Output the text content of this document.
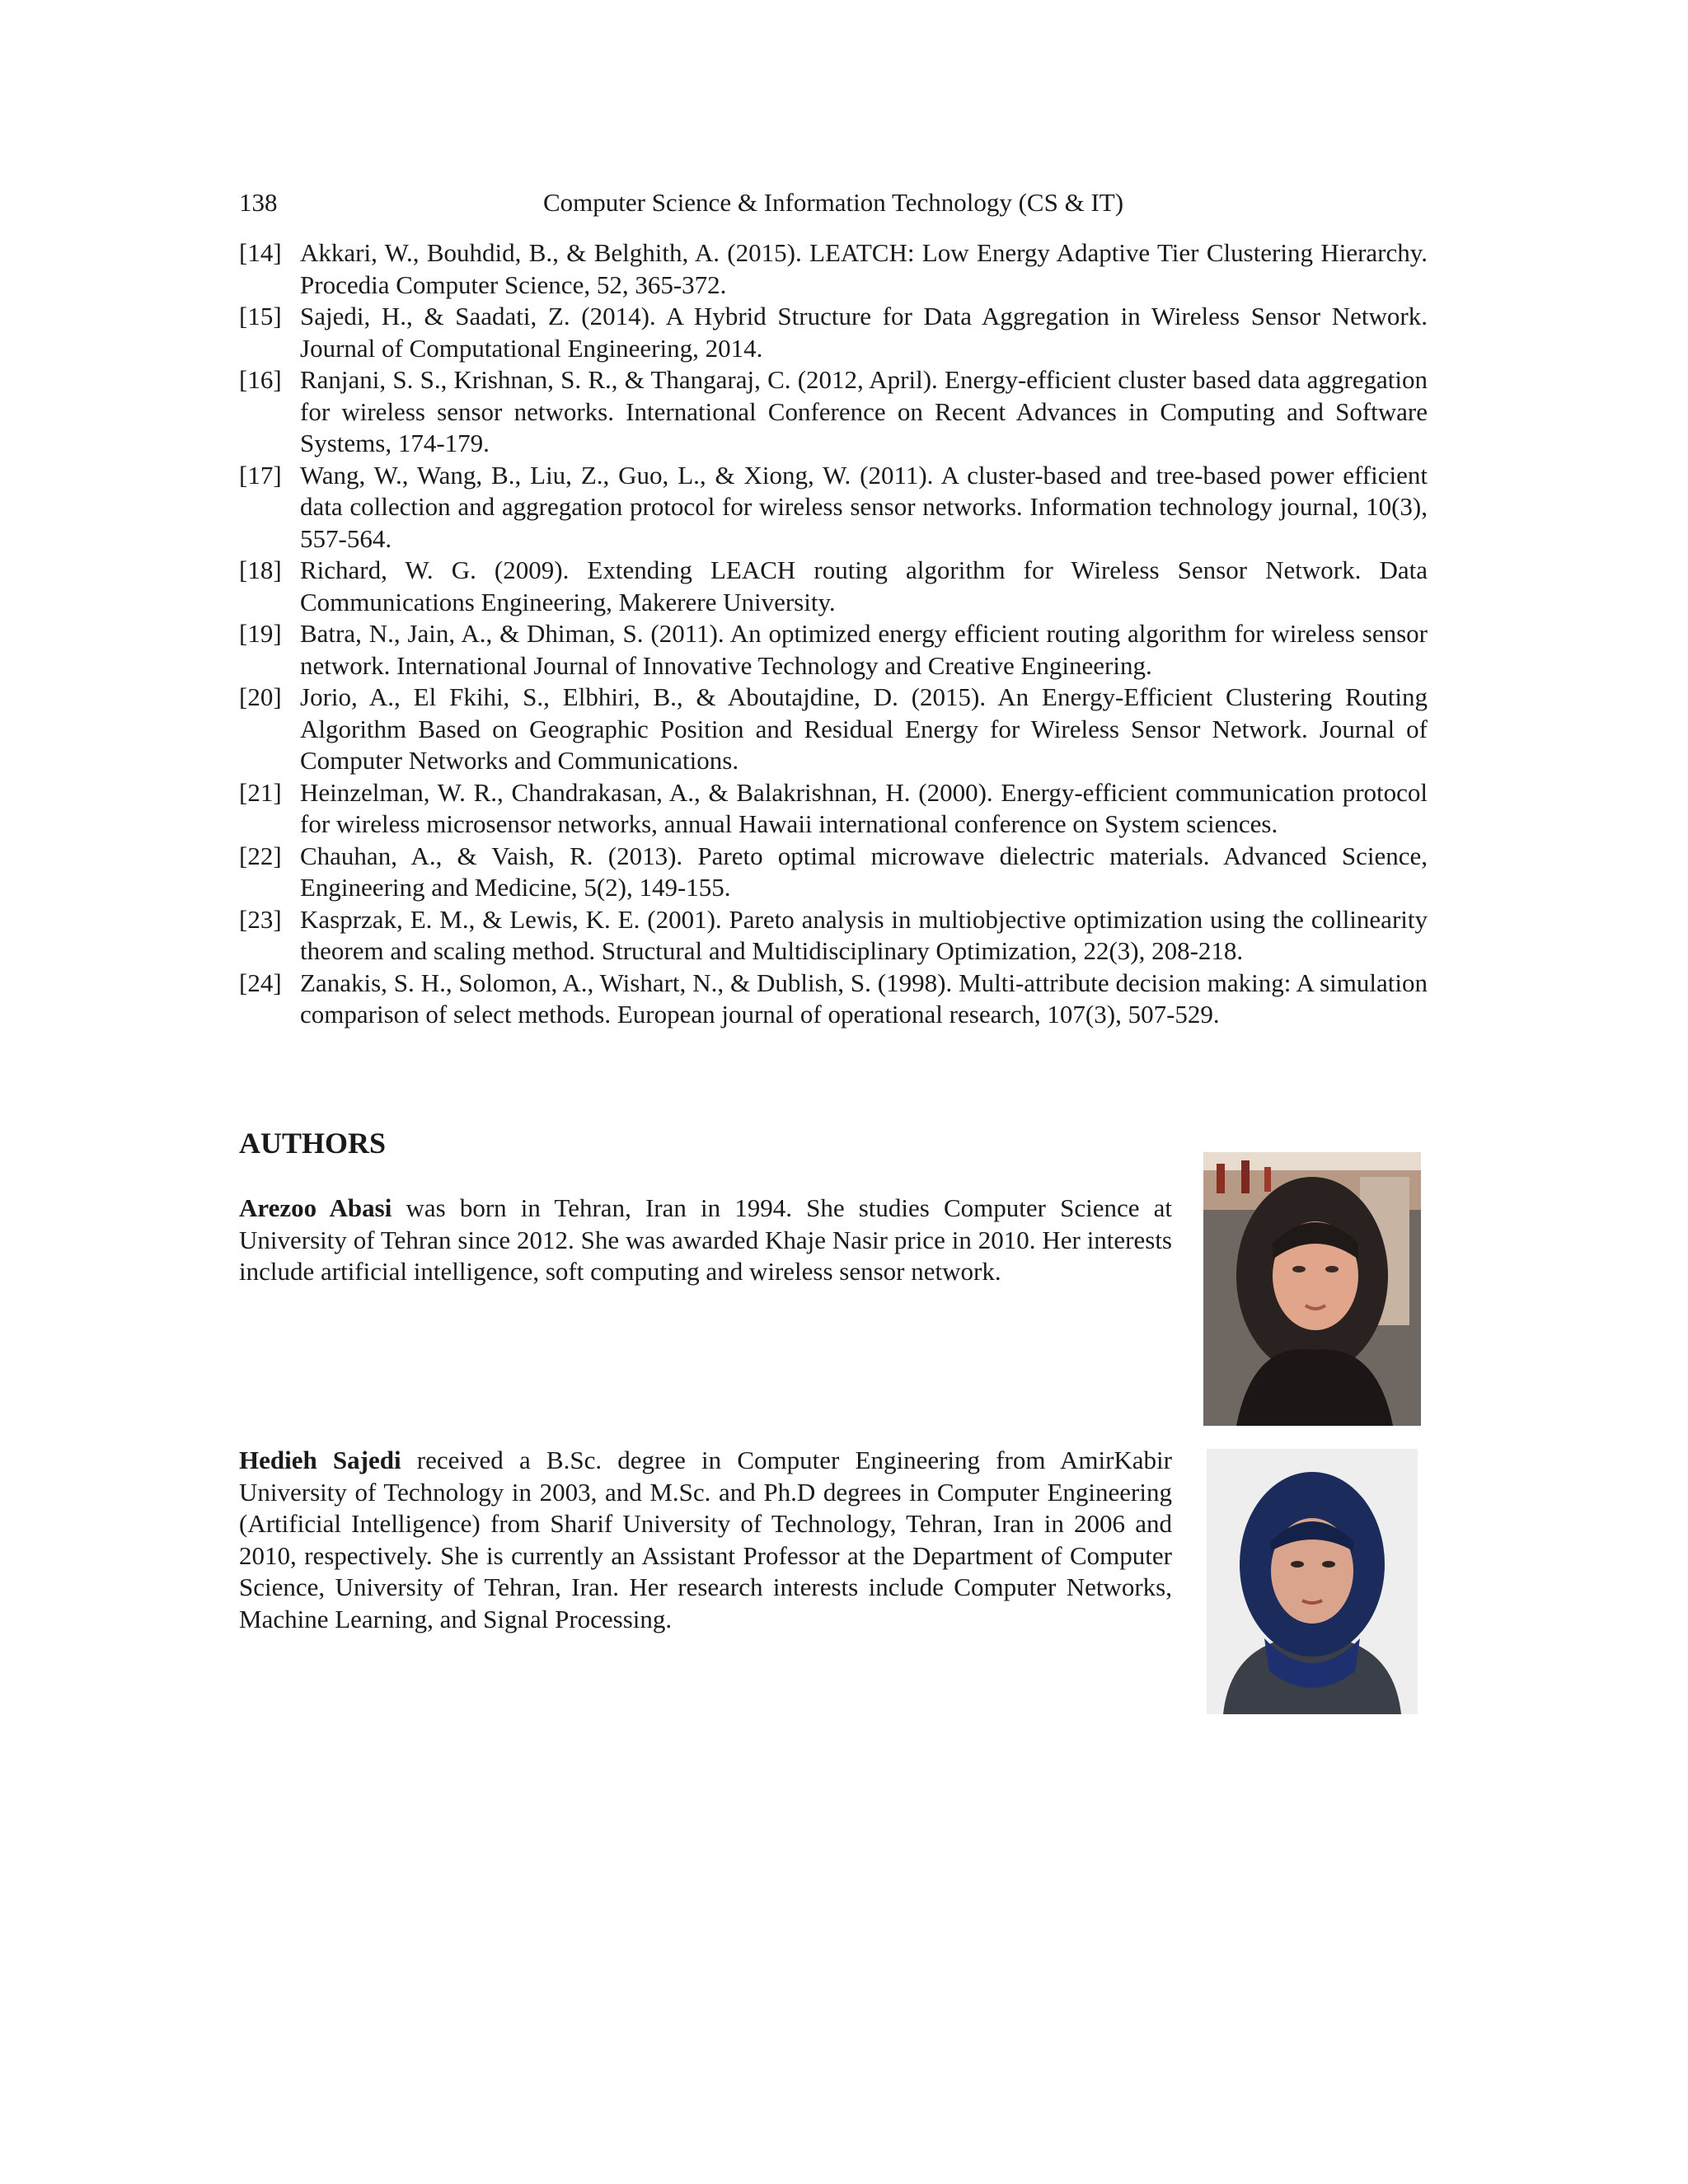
138	Computer Science & Information Technology (CS & IT)
[14] Akkari, W., Bouhdid, B., & Belghith, A. (2015). LEATCH: Low Energy Adaptive Tier Clustering Hierarchy. Procedia Computer Science, 52, 365-372.
[15] Sajedi, H., & Saadati, Z. (2014). A Hybrid Structure for Data Aggregation in Wireless Sensor Network. Journal of Computational Engineering, 2014.
[16] Ranjani, S. S., Krishnan, S. R., & Thangaraj, C. (2012, April). Energy-efficient cluster based data aggregation for wireless sensor networks. International Conference on Recent Advances in Computing and Software Systems, 174-179.
[17] Wang, W., Wang, B., Liu, Z., Guo, L., & Xiong, W. (2011). A cluster-based and tree-based power efficient data collection and aggregation protocol for wireless sensor networks. Information technology journal, 10(3), 557-564.
[18] Richard, W. G. (2009). Extending LEACH routing algorithm for Wireless Sensor Network. Data Communications Engineering, Makerere University.
[19] Batra, N., Jain, A., & Dhiman, S. (2011). An optimized energy efficient routing algorithm for wireless sensor network. International Journal of Innovative Technology and Creative Engineering.
[20] Jorio, A., El Fkihi, S., Elbhiri, B., & Aboutajdine, D. (2015). An Energy-Efficient Clustering Routing Algorithm Based on Geographic Position and Residual Energy for Wireless Sensor Network. Journal of Computer Networks and Communications.
[21] Heinzelman, W. R., Chandrakasan, A., & Balakrishnan, H. (2000). Energy-efficient communication protocol for wireless microsensor networks, annual Hawaii international conference on System sciences.
[22] Chauhan, A., & Vaish, R. (2013). Pareto optimal microwave dielectric materials. Advanced Science, Engineering and Medicine, 5(2), 149-155.
[23] Kasprzak, E. M., & Lewis, K. E. (2001). Pareto analysis in multiobjective optimization using the collinearity theorem and scaling method. Structural and Multidisciplinary Optimization, 22(3), 208-218.
[24] Zanakis, S. H., Solomon, A., Wishart, N., & Dublish, S. (1998). Multi-attribute decision making: A simulation comparison of select methods. European journal of operational research, 107(3), 507-529.
AUTHORS

Arezoo Abasi was born in Tehran, Iran in 1994. She studies Computer Science at University of Tehran since 2012. She was awarded Khaje Nasir price in 2010. Her interests include artificial intelligence, soft computing and wireless sensor network.

Hedieh Sajedi received a B.Sc. degree in Computer Engineering from AmirKabir University of Technology in 2003, and M.Sc. and Ph.D degrees in Computer Engineering (Artificial Intelligence) from Sharif University of Technology, Tehran, Iran in 2006 and 2010, respectively. She is currently an Assistant Professor at the Department of Computer Science, University of Tehran, Iran. Her research interests include Computer Networks, Machine Learning, and Signal Processing.
